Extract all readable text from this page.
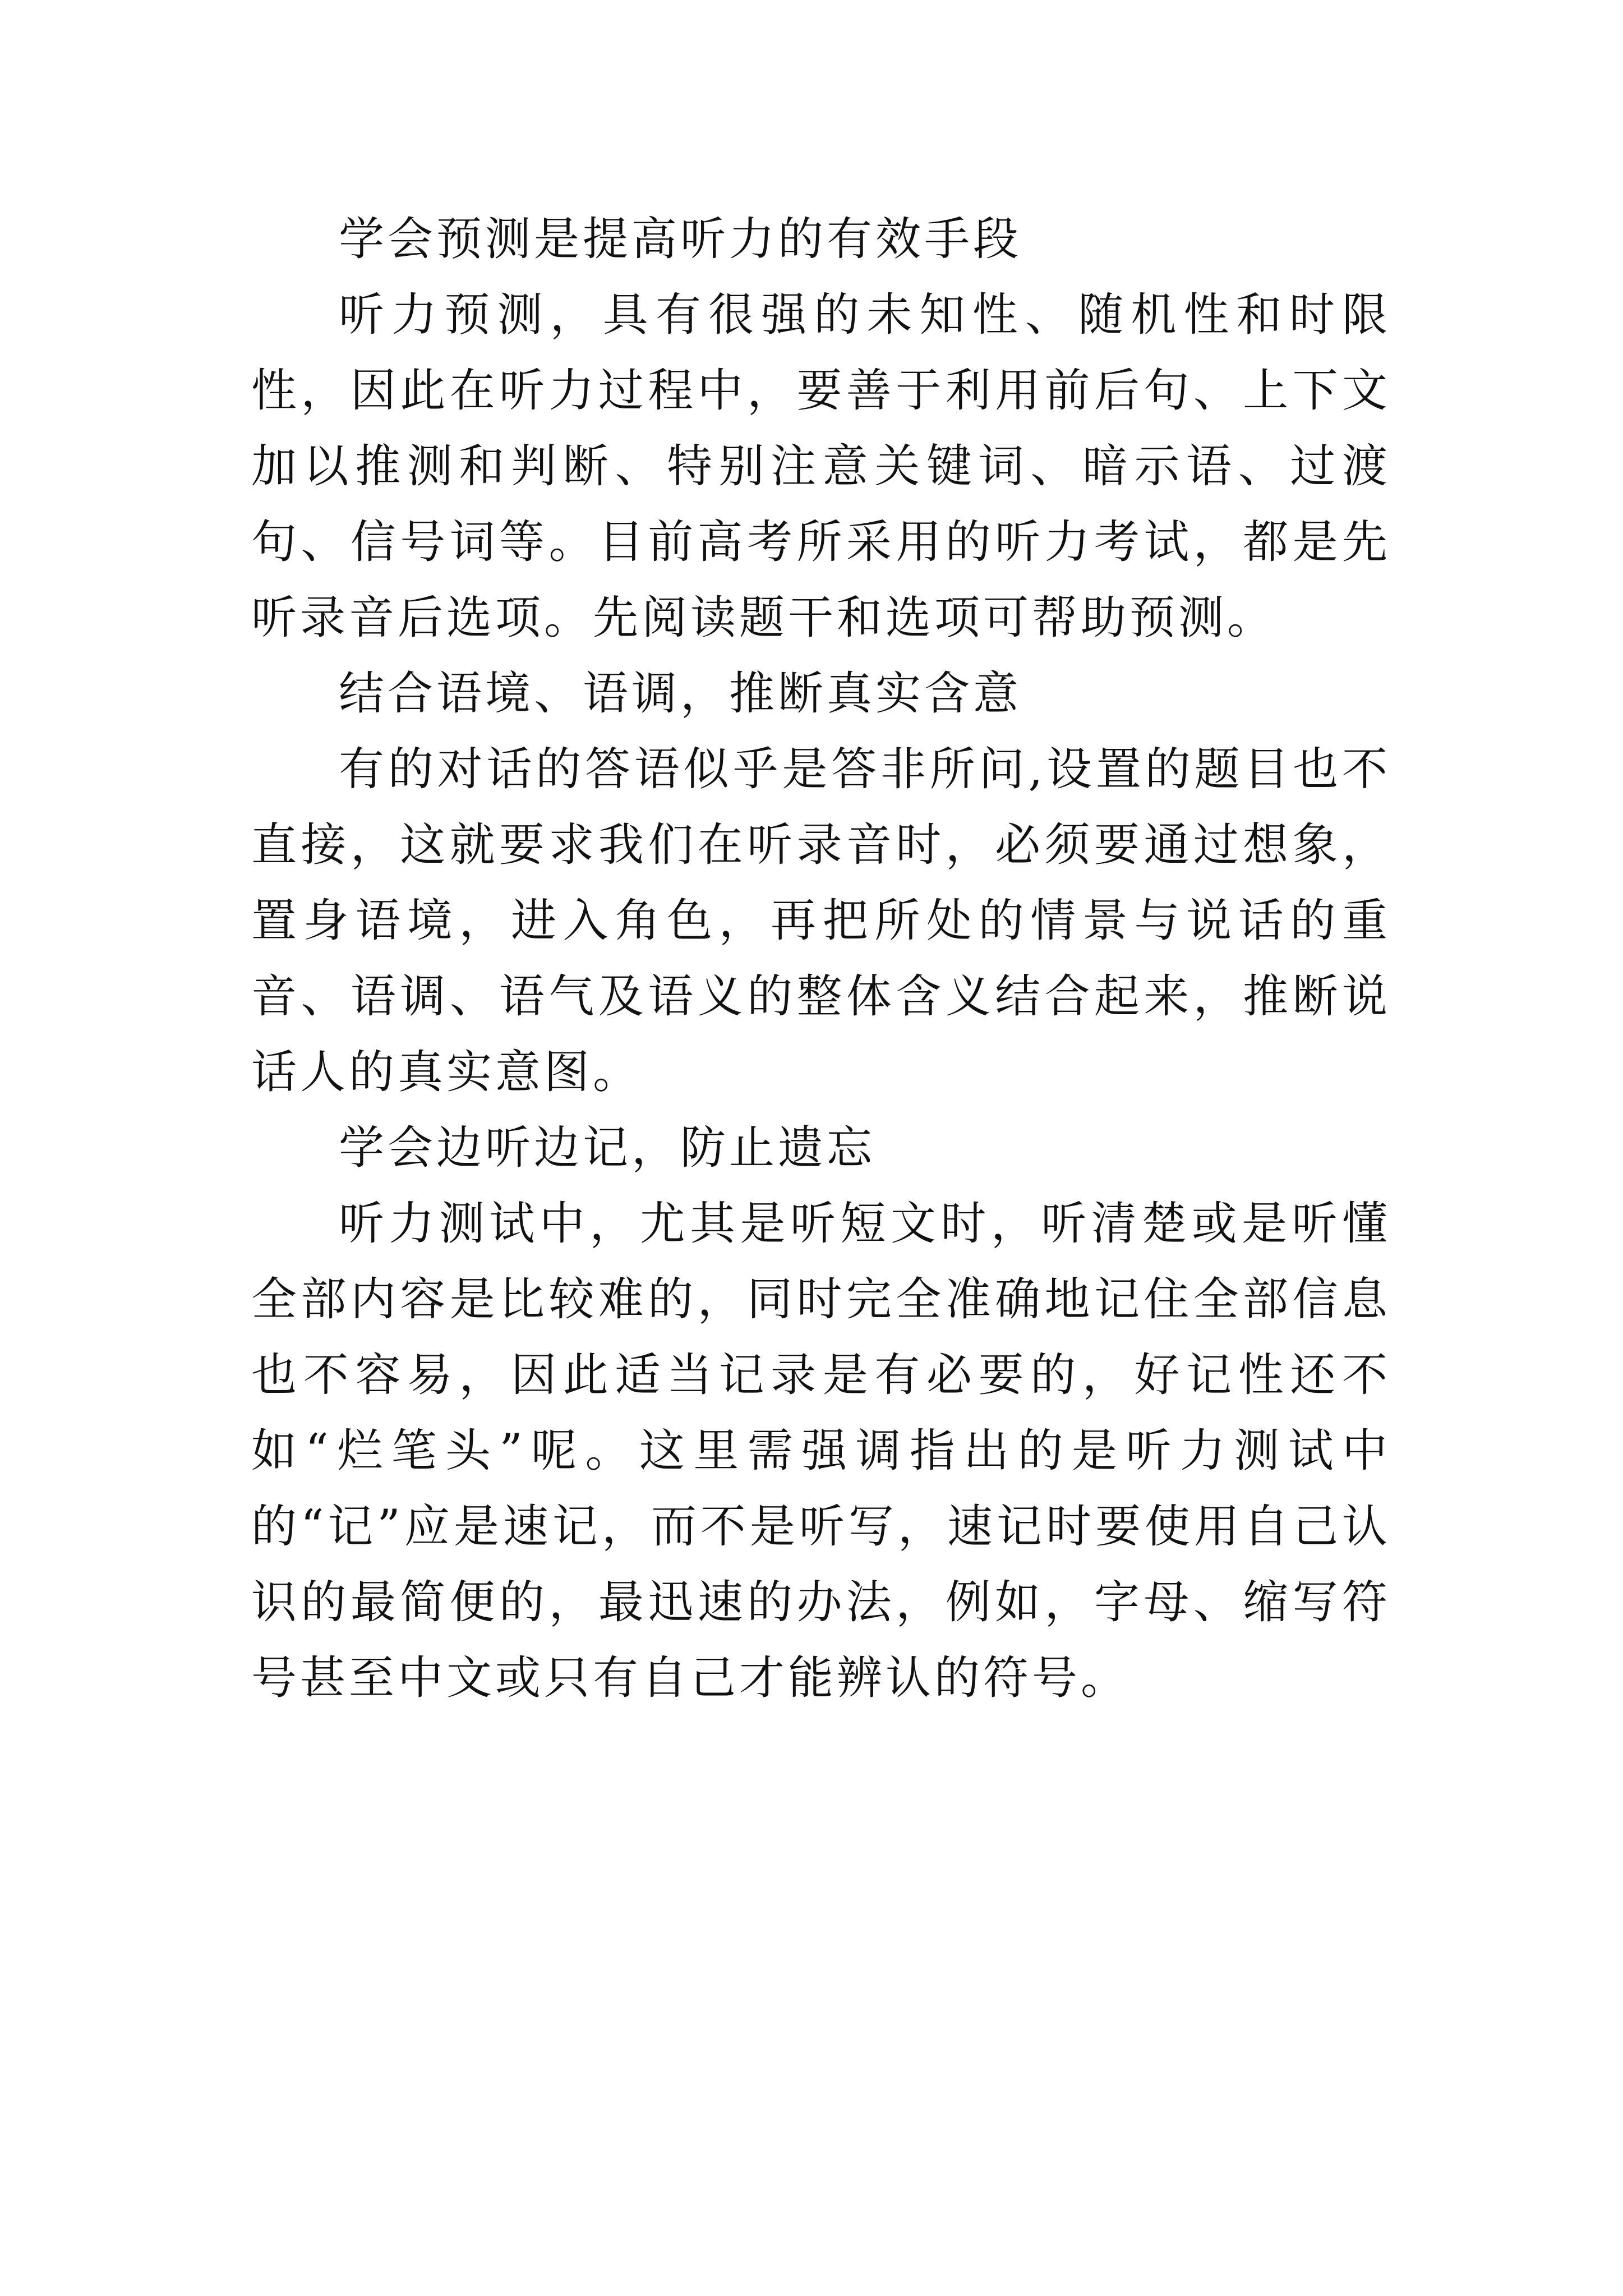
学会预测是提高听力的有效手段

听力预测，具有很强的未知性、随机性和时限性，因此在听力过程中，要善于利用前后句、上下文加以推测和判断、特别注意关键词、暗示语、过渡句、信号词等。目前高考所采用的听力考试，都是先听录音后选项。先阅读题干和选项可帮助预测。

结合语境、语调，推断真实含意

有的对话的答语似乎是答非所问,设置的题目也不直接，这就要求我们在听录音时，必须要通过想象，置身语境，进入角色，再把所处的情景与说话的重音、语调、语气及语义的整体含义结合起来，推断说话人的真实意图。

学会边听边记，防止遗忘

听力测试中，尤其是听短文时，听清楚或是听懂全部内容是比较难的，同时完全准确地记住全部信息也不容易，因此适当记录是有必要的，好记性还不如“烂笔头”呢。这里需强调指出的是听力测试中的“记”应是速记，而不是听写，速记时要使用自己认识的最简便的，最迅速的办法，例如，字母、缩写符号甚至中文或只有自己才能辨认的符号。
